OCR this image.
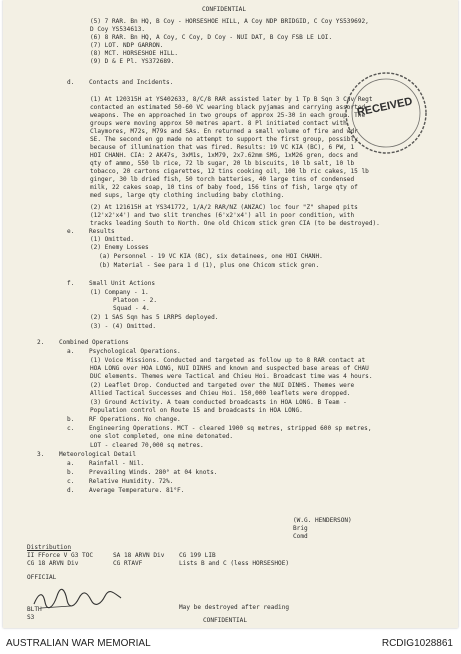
CONFIDENTIAL
(5) 7 RAR. Bn HQ, B Coy - HORSESHOE HILL, A Coy NDP BRIDGID, C Coy YS539692,
D Coy YS534613.
(6) 8 RAR. Bn HQ, A Coy, C Coy, D Coy - NUI DAT, B Coy FSB LE LOI.
(7) LOT. NDP GARRON.
(8) MCT. HORSESHOE HILL.
(9) D & E Pl. YS372689.
d.    Contacts and Incidents.
(1) At 120315H at YS402633, 8/C/8 RAR assisted later by 1 Tp B Sqn 3 Cav Regt
contacted an estimated 50-60 VC wearing black pyjamas and carrying assorted
weapons. The en approached in two groups of approx 25-30 in each group. The
groups were moving approx 50 metres apart. 8 Pl initiated contact with
Claymores, M72s, M79s and SAs. En returned a small volume of fire and wdr
SE. The second en gp made no attempt to support the first group, possibly
because of illumination that was fired. Results: 19 VC KIA (BC), 6 PW, 1
HOI CHANH. CIA: 2 AK47s, 3xM1s, 1xM79, 2x7.62mm SMG, 1xM26 gren, docs and
qty of ammo, 550 lb rice, 72 lb sugar, 20 lb biscuits, 10 lb salt, 10 lb
tobacco, 20 cartons cigarettes, 12 tins cooking oil, 100 lb ric cakes, 15 lb
ginger, 30 lb dried fish, 50 torch batteries, 40 large tins of condensed
milk, 22 cakes soap, 10 tins of baby food, 156 tins of fish, large qty of
med sups, large qty clothing including baby clothing.
(2) At 121615H at YS341772, 1/A/2 RAR/NZ (ANZAC) loc four "Z" shaped pits
(12'x2'x4') and two slit trenches (6'x2'x4') all in poor condition, with
tracks leading South to North. One old Chicom stick gren CIA (to be destroyed).
e.    Results
(1) Omitted.
(2) Enemy Losses
(a) Personnel - 19 VC KIA (BC), six detainees, one HOI CHANH.
(b) Material - See para 1 d (1), plus one Chicom stick gren.
f.    Small Unit Actions
(1) Company - 1.
Platoon - 2.
Squad - 4.
(2) 1 SAS Sqn has 5 LRRPS deployed.
(3) - (4) Omitted.
2.    Combined Operations
a.    Psychological Operations.
(1) Voice Missions. Conducted and targeted as follow up to 8 RAR contact at
HOA LONG over HOA LONG, NUI DINHS and known and suspected base areas of CHAU
DUC elements. Themes were Tactical and Chieu Hoi. Broadcast time was 4 hours.
(2) Leaflet Drop. Conducted and targeted over the NUI DINHS. Themes were
Allied Tactical Successes and Chieu Hoi. 150,000 leaflets were dropped.
(3) Ground Activity. A team conducted broadcasts in HOA LONG. B Team -
Population control on Route 15 and broadcasts in HOA LONG.
b.    RF Operations. No change.
c.    Engineering Operations. MCT - cleared 1900 sq metres, stripped 600 sp metres,
one slot completed, one mine detonated.
LOT - cleared 70,000 sq metres.
3.    Meteorological Detail
a.    Rainfall - Nil.
b.    Prevailing Winds. 280° at 04 knots.
c.    Relative Humidity. 72%.
d.    Average Temperature. 81°F.
(W.G. HENDERSON)
Brig
Comd
Distribution
II FForce V G3 TOC
CG 18 ARVN Div
SA 18 ARVN Div
CG RTAVF
CG 199 LIB
Lists B and C (less HORSESHOE)
OFFICIAL
BLTH
S3
May be destroyed after reading
CONFIDENTIAL
RECEIVED
AUSTRALIAN WAR MEMORIAL	RCDIG1028861
